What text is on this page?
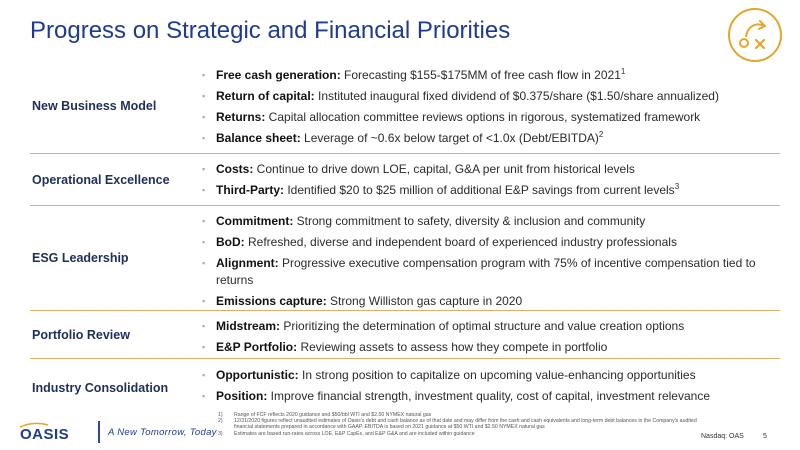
Progress on Strategic and Financial Priorities
New Business Model
▪ Free cash generation: Forecasting $155-$175MM of free cash flow in 2021$^1$
▪ Return of capital: Instituted inaugural fixed dividend of $0.375/share ($1.50/share annualized)
▪ Returns: Capital allocation committee reviews options in rigorous, systematized framework
▪ Balance sheet: Leverage of ~0.6x below target of <1.0x (Debt/EBITDA)$^2$
Operational Excellence
▪ Costs: Continue to drive down LOE, capital, G&A per unit from historical levels
▪ Third-Party: Identified $20 to $25 million of additional E&P savings from current levels$^3$
ESG Leadership
▪ Commitment: Strong commitment to safety, diversity & inclusion and community
▪ BoD: Refreshed, diverse and independent board of experienced industry professionals
▪ Alignment: Progressive executive compensation program with 75% of incentive compensation tied to returns
▪ Emissions capture: Strong Williston gas capture in 2020
Portfolio Review
▪ Midstream: Prioritizing the determination of optimal structure and value creation options
▪ E&P Portfolio: Reviewing assets to assess how they compete in portfolio
Industry Consolidation
▪ Opportunistic: In strong position to capitalize on upcoming value-enhancing opportunities
▪ Position: Improve financial strength, investment quality, cost of capital, investment relevance
1) Range of FCF reflects 2020 guidance and $50/bbl WTI and $2.50 NYMEX natural gas
2) 12/31/2020 figures reflect unaudited estimates of Oasis's debt and cash balance as of that date and may differ from the cash and cash equivalents and long-term debt balances in the Company's audited financial statements prepared in accordance with GAAP. EBITDA is based on 2021 guidance at $50 WTI and $2.50 NYMEX natural gas
3) Estimates are based run-rates across LOE, E&P CapEx, and E&P G&A and are included within guidance
OASIS	A New Tomorrow, Today	Nasdaq: OAS	5
